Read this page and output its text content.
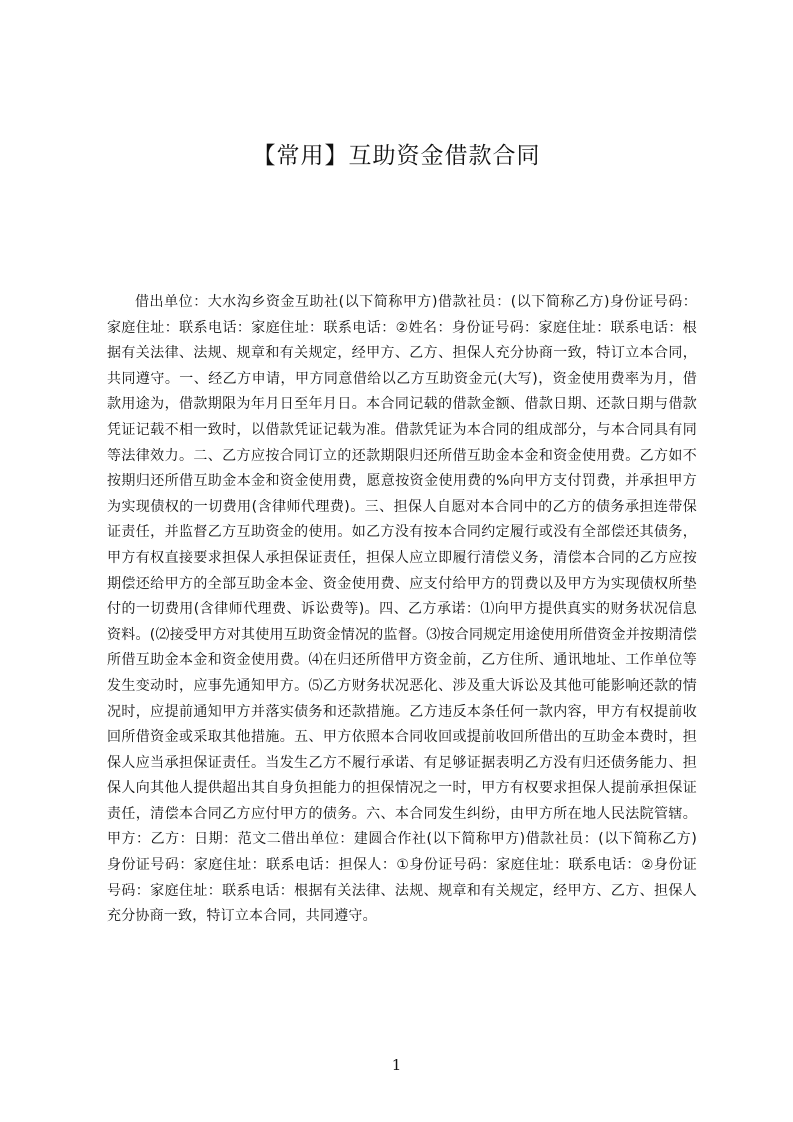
【常用】互助资金借款合同
借出单位：大水沟乡资金互助社(以下简称甲方)借款社员：(以下简称乙方)身份证号码：家庭住址：联系电话：家庭住址：联系电话：②姓名：身份证号码：家庭住址：联系电话：根据有关法律、法规、规章和有关规定，经甲方、乙方、担保人充分协商一致，特订立本合同，共同遵守。一、经乙方申请，甲方同意借给以乙方互助资金元(大写)，资金使用费率为月，借款用途为，借款期限为年月日至年月日。本合同记载的借款金额、借款日期、还款日期与借款凭证记载不相一致时，以借款凭证记载为准。借款凭证为本合同的组成部分，与本合同具有同等法律效力。二、乙方应按合同订立的还款期限归还所借互助金本金和资金使用费。乙方如不按期归还所借互助金本金和资金使用费，愿意按资金使用费的%向甲方支付罚费，并承担甲方为实现债权的一切费用(含律师代理费)。三、担保人自愿对本合同中的乙方的债务承担连带保证责任，并监督乙方互助资金的使用。如乙方没有按本合同约定履行或没有全部偿还其债务，甲方有权直接要求担保人承担保证责任，担保人应立即履行清偿义务，清偿本合同的乙方应按期偿还给甲方的全部互助金本金、资金使用费、应支付给甲方的罚费以及甲方为实现债权所垫付的一切费用(含律师代理费、诉讼费等)。四、乙方承诺：⑴向甲方提供真实的财务状况信息资料。(⑵接受甲方对其使用互助资金情况的监督。⑶按合同规定用途使用所借资金并按期清偿所借互助金本金和资金使用费。⑷在归还所借甲方资金前，乙方住所、通讯地址、工作单位等发生变动时，应事先通知甲方。⑸乙方财务状况恶化、涉及重大诉讼及其他可能影响还款的情况时，应提前通知甲方并落实债务和还款措施。乙方违反本条任何一款内容，甲方有权提前收回所借资金或采取其他措施。五、甲方依照本合同收回或提前收回所借出的互助金本费时，担保人应当承担保证责任。当发生乙方不履行承诺、有足够证据表明乙方没有归还债务能力、担保人向其他人提供超出其自身负担能力的担保情况之一时，甲方有权要求担保人提前承担保证责任，清偿本合同乙方应付甲方的债务。六、本合同发生纠纷，由甲方所在地人民法院管辖。甲方：乙方：日期：范文二借出单位：建圆合作社(以下简称甲方)借款社员：(以下简称乙方)身份证号码：家庭住址：联系电话：担保人：①身份证号码：家庭住址：联系电话：②身份证号码：家庭住址：联系电话：根据有关法律、法规、规章和有关规定，经甲方、乙方、担保人充分协商一致，特订立本合同，共同遵守。
1
